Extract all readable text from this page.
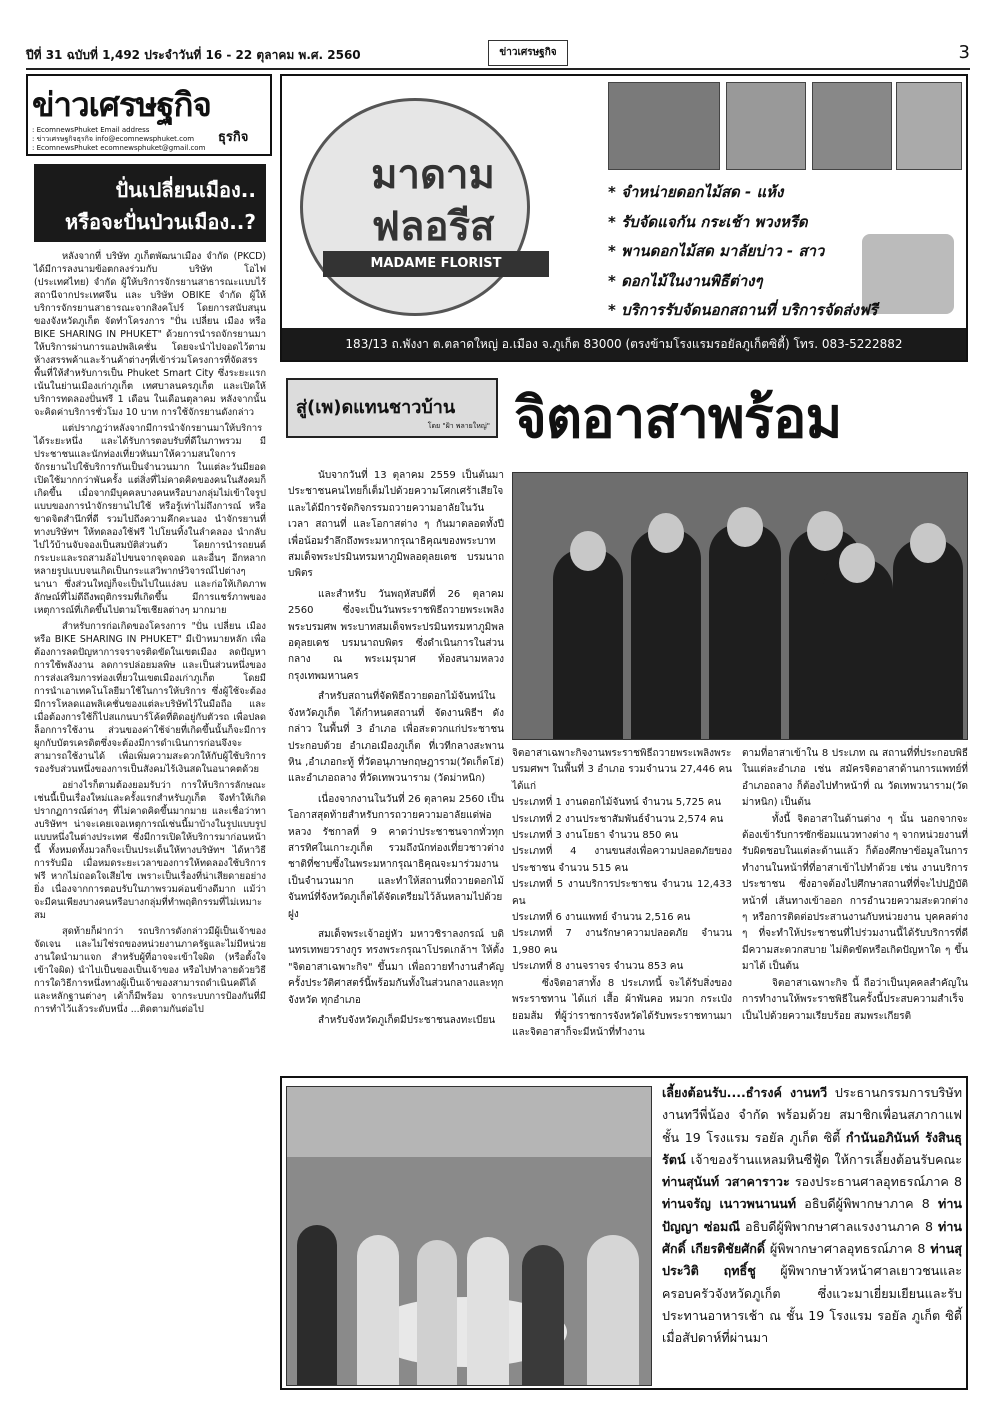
ปีที่ 31 ฉบับที่ 1,492 ประจำวันที่ 16 - 22 ตุลาคม พ.ศ. 2560	ข่าวเศรษฐกิจ	3
ข่าวเศรษฐกิจ
: EcomnewsPhuket Email address
: ข่าวเศรษฐกิจธุรกิจ info@ecomnewsphuket.com
: EcomnewsPhuket ecomnewsphuket@gmail.com
ธุรกิจ
ปั่นเปลี่ยนเมือง..
หรือจะปั่นป่วนเมือง..?

หลังจากที่ บริษัท ภูเก็ตพัฒนาเมือง จำกัด (PKCD) ได้มีการลงนามข้อตกลงร่วมกับ บริษัท โอไฟ (ประเทศไทย) จำกัด ผู้ให้บริการจักรยานสาธารณะแบบไร้สถานีจากประเทศจีน และ บริษัท OBIKE จำกัด ผู้ให้บริการจักรยานสาธารณะจากสิงคโปร์ โดยการสนับสนุนของจังหวัดภูเก็ต จัดทำโครงการ "ปั่น เปลี่ยน เมือง หรือ BIKE SHARING IN PHUKET" ด้วยการนำรถจักรยานมาให้บริการผ่านการแอปพลิเคชั่น โดยจะนำไปจอดไว้ตามห้างสรรพค้าและร้านค้าต่างๆที่เข้าร่วมโครงการที่จัดสรรพื้นที่ให้สำหรับการเป็น Phuket Smart City ซึ่งระยะแรกเน้นในย่านเมืองเก่าภูเก็ต เทศบาลนครภูเก็ต และเปิดให้บริการทดลองปั่นฟรี 1 เดือน ในเดือนตุลาคม หลังจากนั้นจะคิดค่าบริการชั่วโมง 10 บาท การใช้จักรยานดังกล่าว

แต่ปรากฏว่าหลังจากมีการนำจักรยานมาให้บริการได้ระยะหนึ่ง และได้รับการตอบรับที่ดีในภาพรวม มีประชาชนและนักท่องเที่ยวหันมาให้ความสนใจการจักรยานไปใช้บริการกันเป็นจำนวนมาก ในแต่ละวันมียอดเปิดใช้มากกว่าพันครั้ง แต่สิ่งที่ไม่คาดคิดของคนในสังคมก็เกิดขึ้น เมื่อจากมีบุคคลบางคนหรือบางกลุ่มไม่เข้าใจรูปแบบของการนำจักรยานไปใช้ หรือรู้เท่าไม่ถึงการณ์ หรือขาดจิตสำนึกที่ดี รวมไปถึงความคึกคะนอง นำจักรยานที่ทางบริษัทฯ ให้ทดลองใช้ฟรี ไปโยนทิ้งในลำคลอง นำกลับไปไว้บ้านจับจองเป็นสมบัติส่วนตัว โดยการนำรถยนต์กระบะและรถสามล้อไปขนจากจุดจอด และอื่นๆ อีกหลากหลายรูปแบบจนเกิดเป็นกระแสวิพากษ์วิจารณ์ไปต่างๆ นานา ซึ่งส่วนใหญ่ก็จะเป็นไปในแง่ลบ และก่อให้เกิดภาพลักษณ์ที่ไม่ดีถึงพฤติกรรมที่เกิดขึ้น มีการแชร์ภาพของเหตุการณ์ที่เกิดขึ้นไปตามโซเชียลต่างๆ มากมาย

สำหรับการก่อเกิดของโครงการ "ปั่น เปลี่ยน เมือง หรือ BIKE SHARING IN PHUKET" มีเป้าหมายหลัก เพื่อต้องการลดปัญหาการจราจรติดขัดในเขตเมือง ลดปัญหาการใช้พลังงาน ลดการปล่อยมลพิษ และเป็นส่วนหนึ่งของการส่งเสริมการท่องเที่ยวในเขตเมืองเก่าภูเก็ต โดยมีการนำเอาเทคโนโลยีมาใช้ในการให้บริการ ซึ่งผู้ใช้จะต้องมีการโหลดแอพลิเคชั่นของแต่ละบริษัทไว้ในมือถือ และเมื่อต้องการใช้ก็ไปสแกนบาร์โค้ดที่ติดอยู่กับตัวรถ เพื่อปลดล็อกการใช้งาน ส่วนของค่าใช้จ่ายที่เกิดขึ้นนั้นก็จะมีการผูกกับบัตรเครดิตซึ่งจะต้องมีการดำเนินการก่อนจึงจะสามารถใช้งานได้ เพื่อเพิ่มความสะดวกให้กับผู้ใช้บริการ รองรับส่วนหนึ่งของการเป็นสังคมไร้เงินสดในอนาคตด้วย

อย่างไรก็ตามต้องยอมรับว่า การให้บริการลักษณะเช่นนี้เป็นเรื่องใหม่และครั้งแรกสำหรับภูเก็ต จึงทำให้เกิดปรากฏการณ์ต่างๆ ที่ไม่คาดคิดขึ้นมากมาย และเชื่อว่าทางบริษัทฯ น่าจะเคยเจอเหตุการณ์เช่นนี้มาบ้างในรูปแบบรูปแบบหนึ่งในต่างประเทศ ซึ่งมีการเปิดให้บริการมาก่อนหน้านี้ ทั้งหมดทั้งมวลก็จะเป็นประเด็นให้ทางบริษัทฯ ได้หาวิธีการรับมือ เมื่อหมดระยะเวลาของการให้ทดลองใช้บริการฟรี หากไม่ถอดใจเสียไซ เพราะเป็นเรื่องที่น่าเสียดายอย่างยิ่ง เนื่องจากการตอบรับในภาพรวมค่อนข้างดีมาก แม้ว่าจะมีคนเพียงบางคนหรือบางกลุ่มที่ทำพฤติกรรมที่ไม่เหมาะสม

สุดท้ายก็ฝากว่า รถบริการดังกล่าวมีผู้เป็นเจ้าของจัดเจน และไม่ใช่รถของหน่วยงานภาครัฐและไม่มีหน่วยงานใดนำมาแจก สำหรับผู้ที่อาจจะเข้าใจผิด (หรือตั้งใจเข้าใจผิด) นำไปเป็นของเป็นเจ้าของ หรือไปทำลายด้วยวิธีการใดวิธีการหนึ่งทางผู้เป็นเจ้าของสามารถดำเนินคดีได้ และหลักฐานต่างๆ เค้าก็มีพร้อม จากระบบการป้องกันที่มีการทำไว้แล้วระดับหนึ่ง ...ติดตามกันต่อไป

มาดาม ฟลอรีส
MADAME FLORIST
* จำหน่ายดอกไม้สด - แห้ง
* รับจัดแจกัน กระเช้า พวงหรีด
* พานดอกไม้สด มาลัยบ่าว - สาว
* ดอกไม้ในงานพิธีต่างๆ
* บริการรับจัดนอกสถานที่ บริการจัดส่งฟรี
183/13 ถ.พังงา ต.ตลาดใหญ่ อ.เมือง จ.ภูเก็ต 83000 (ตรงข้ามโรงแรมรอยัลภูเก็ตซิตี้) โทร. 083-5222882
สู่(เพ)ดแทนชาวบ้าน
โดย "ฝ้า พลายใหญ่" จิตอาสาพร้อม

นับจากวันที่ 13 ตุลาคม 2559 เป็นต้นมา ประชาชนคนไทยก็เต็มไปด้วยความโศกเศร้าเสียใจ และได้มีการจัดกิจกรรมถวายความอาลัยในวัน เวลา สถานที่ และโอกาสต่าง ๆ กันมาตลอดทั้งปี เพื่อน้อมรำลึกถึงพระมหากรุณาธิคุณของพระบาทสมเด็จพระปรมินทรมหาภูมิพลอดุลยเดช บรมนาถบพิตร

และสำหรับ วันพฤหัสบดีที่ 26 ตุลาคม 2560 ซึ่งจะเป็นวันพระราชพิธีถวายพระเพลิงพระบรมศพ พระบาทสมเด็จพระปรมินทรมหาภูมิพลอดุลยเดช บรมนาถบพิตร ซึ่งดำเนินการในส่วนกลาง ณ พระเมรุมาศ ท้องสนามหลวง กรุงเทพมหานคร

สำหรับสถานที่จัดพิธีถวายดอกไม้จันทน์ในจังหวัดภูเก็ต ได้กำหนดสถานที่ จัดงานพิธีฯ ดังกล่าว ในพื้นที่ 3 อำเภอ เพื่อสะดวกแก่ประชาชน ประกอบด้วย อำเภอเมืองภูเก็ต ที่เวทีกลางสะพานหิน ,อำเภอกะทู้ ที่วัดอนุภาษกฤษฎาราม(วัดเก็ตโฮ่) และอำเภอถลาง ที่วัดเทพวนาราม (วัดม่าหนิก)

เนื่องจากงานในวันที่ 26 ตุลาคม 2560 เป็นโอกาสสุดท้ายสำหรับการถวายความอาลัยแด่พ่อหลวง รัชกาลที่ 9 คาดว่าประชาชนจากทั่วทุกสารทิศในเกาะภูเก็ต รวมถึงนักท่องเที่ยวชาวต่างชาติที่ซาบซึ้งในพระมหากรุณาธิคุณจะมาร่วมงานเป็นจำนวนมาก และทำให้สถานที่ถวายดอกไม้จันทน์ที่จังหวัดภูเก็ตได้จัดเตรียมไว้ล้นหลามไปด้วยฝูง

สมเด็จพระเจ้าอยู่หัว มหาวชิราลงกรณ์ บดินทรเทพยวรางกูร ทรงพระกรุณาโปรดเกล้าฯ ให้ตั้ง "จิตอาสาเฉพาะกิจ" ขึ้นมา เพื่อถวายทำงานสำคัญครั้งประวัติศาสตร์นี้พร้อมกันทั้งในส่วนกลางและทุกจังหวัด ทุกอำเภอ

สำหรับจังหวัดภูเก็ตมีประชาชนลงทะเบียน

จิตอาสาเฉพาะกิจงานพระราชพิธีถวายพระเพลิงพระบรมศพฯ ในพื้นที่ 3 อำเภอ รวมจำนวน 27,446 คน ได้แก่

ประเภทที่ 1 งานดอกไม้จันทน์ จำนวน 5,725 คน

ประเภทที่ 2 งานประชาสัมพันธ์จำนวน 2,574 คน

ประเภทที่ 3 งานโยธา จำนวน 850 คน

ประเภทที่ 4 งานขนส่งเพื่อความปลอดภัยของประชาชน จำนวน 515 คน

ประเภทที่ 5 งานบริการประชาชน จำนวน 12,433 คน

ประเภทที่ 6 งานแพทย์ จำนวน 2,516 คน

ประเภทที่ 7 งานรักษาความปลอดภัย จำนวน 1,980 คน

ประเภทที่ 8 งานจราจร จำนวน 853 คน

ซึ่งจิตอาสาทั้ง 8 ประเภทนี้ จะได้รับสิ่งของพระราชทาน ได้แก่ เสื้อ ผ้าพันคอ หมวก กระเป๋งยอมส้ม ที่ผู้ว่าราชการจังหวัดได้รับพระราชทานมา และจิตอาสาก็จะมีหน้าที่ทำงาน

ตามที่อาสาเข้าใน 8 ประเภท ณ สถานที่ที่ประกอบพิธีในแต่ละอำเภอ เช่น สมัครจิตอาสาด้านการแพทย์ที่อำเภอถลาง ก็ต้องไปทำหน้าที่ ณ วัดเทพวนาราม(วัดม่าหนิก) เป็นต้น

ทั้งนี้ จิตอาสาในด้านต่าง ๆ นั้น นอกจากจะต้องเข้ารับการซักซ้อมแนวทางต่าง ๆ จากหน่วยงานที่รับผิดชอบในแต่ละด้านแล้ว ก็ต้องศึกษาข้อมูลในการทำงานในหน้าที่ที่อาสาเข้าไปทำด้วย เช่น งานบริการประชาชน ซึ่งอาจต้องไปศึกษาสถานที่ที่จะไปปฏิบัติหน้าที่ เส้นทางเข้าออก การอำนวยความสะดวกต่าง ๆ หรือการติดต่อประสานงานกับหน่วยงาน บุคคลต่าง ๆ ที่จะทำให้ประชาชนที่ไปร่วมงานนี้ได้รับบริการที่ดี มีความสะดวกสบาย ไม่ติดขัดหรือเกิดปัญหาใด ๆ ขึ้นมาได้ เป็นต้น

จิตอาสาเฉพาะกิจ นี้ ถือว่าเป็นบุคคลสำคัญในการทำงานให้พระราชพิธีในครั้งนี้ประสบความสำเร็จเป็นไปด้วยความเรียบร้อย สมพระเกียรติ

เลี้ยงต้อนรับ....ธำรงค์ งานทวี ประธานกรรมการบริษัท งานทวีพี่น้อง จำกัด พร้อมด้วย สมาชิกเพื่อนสภากาแฟชั้น 19 โรงแรม รอยัล ภูเก็ต ซิตี้ กำนันอภินันท์ รังสินธุรัตน์ เจ้าของร้านแหลมหินซีฟู้ด ให้การเลี้ยงต้อนรับคณะ ท่านสุนันท์ วสาคาราวะ รองประธานศาลอุทธรณ์ภาค 8 ท่านจรัญ เนาวพนานนท์ อธิบดีผู้พิพากษาภาค 8 ท่านปัญญา ซ่อมณี อธิบดีผู้พิพากษาศาลแรงงานภาค 8 ท่านศักดิ์ เกียรติชัยศักดิ์ ผู้พิพากษาศาลอุทธรณ์ภาค 8 ท่านสุประวิติ ฤทธิ์ชู ผู้พิพากษาหัวหน้าศาลเยาวชนและครอบครัวจังหวัดภูเก็ต ซึ่งแวะมาเยี่ยมเยียนและรับประทานอาหารเช้า ณ ชั้น 19 โรงแรม รอยัล ภูเก็ต ซิตี้ เมื่อสัปดาห์ที่ผ่านมา
